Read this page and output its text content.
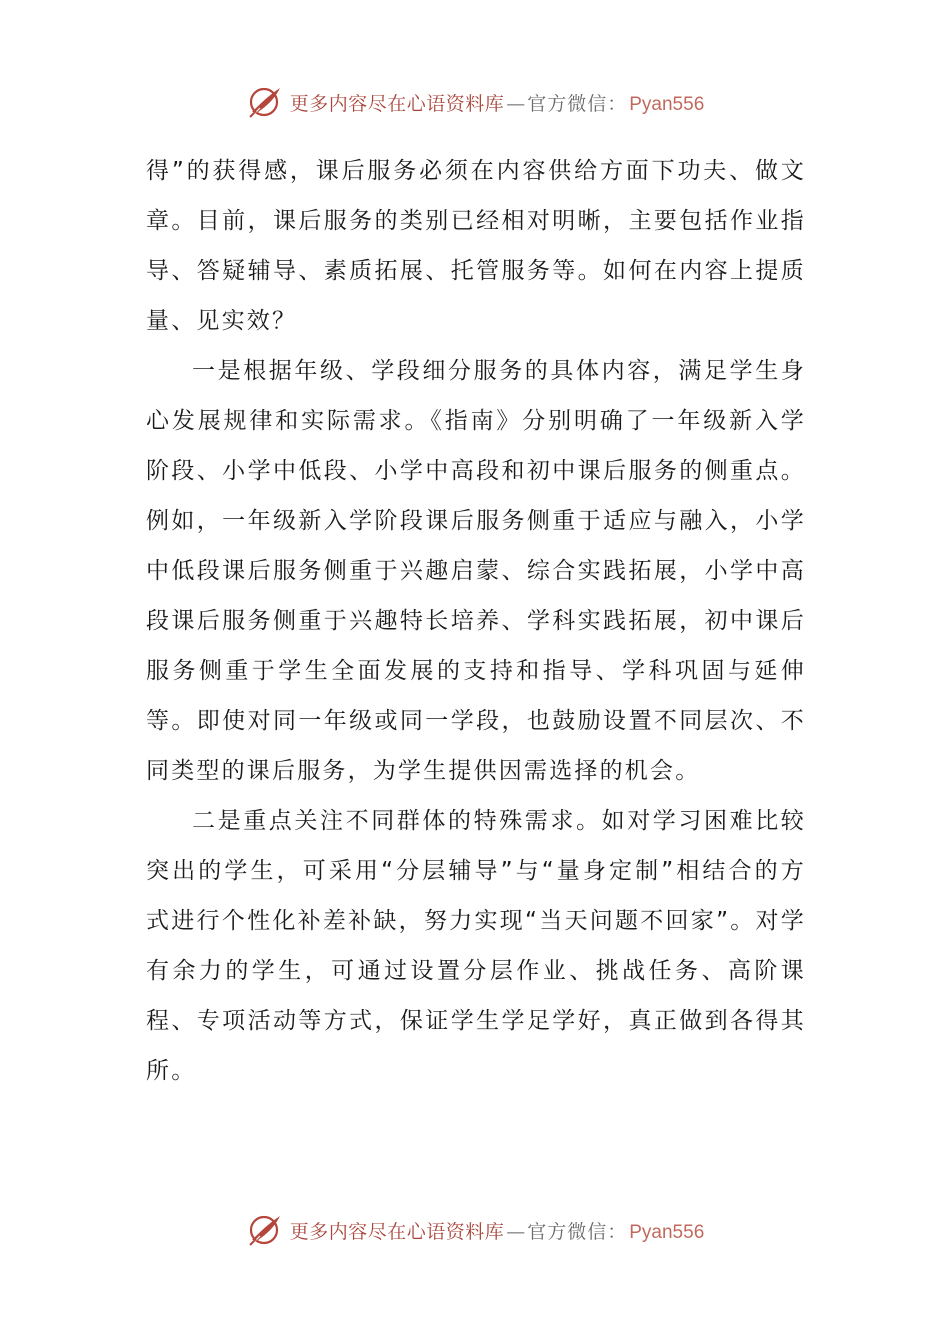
更多内容尽在心语资料库 — 官方微信： Pyan556

得”的获得感，课后服务必须在内容供给方面下功夫、做文章。目前，课后服务的类别已经相对明晰，主要包括作业指导、答疑辅导、素质拓展、托管服务等。如何在内容上提质量、见实效？

一是根据年级、学段细分服务的具体内容，满足学生身心发展规律和实际需求。《指南》分别明确了一年级新入学阶段、小学中低段、小学中高段和初中课后服务的侧重点。例如，一年级新入学阶段课后服务侧重于适应与融入，小学中低段课后服务侧重于兴趣启蒙、综合实践拓展，小学中高段课后服务侧重于兴趣特长培养、学科实践拓展，初中课后服务侧重于学生全面发展的支持和指导、学科巩固与延伸等。即使对同一年级或同一学段，也鼓励设置不同层次、不同类型的课后服务，为学生提供因需选择的机会。

二是重点关注不同群体的特殊需求。如对学习困难比较突出的学生，可采用“分层辅导”与“量身定制”相结合的方式进行个性化补差补缺，努力实现“当天问题不回家”。对学有余力的学生，可通过设置分层作业、挑战任务、高阶课程、专项活动等方式，保证学生学足学好，真正做到各得其所。

更多内容尽在心语资料库 — 官方微信： Pyan556
